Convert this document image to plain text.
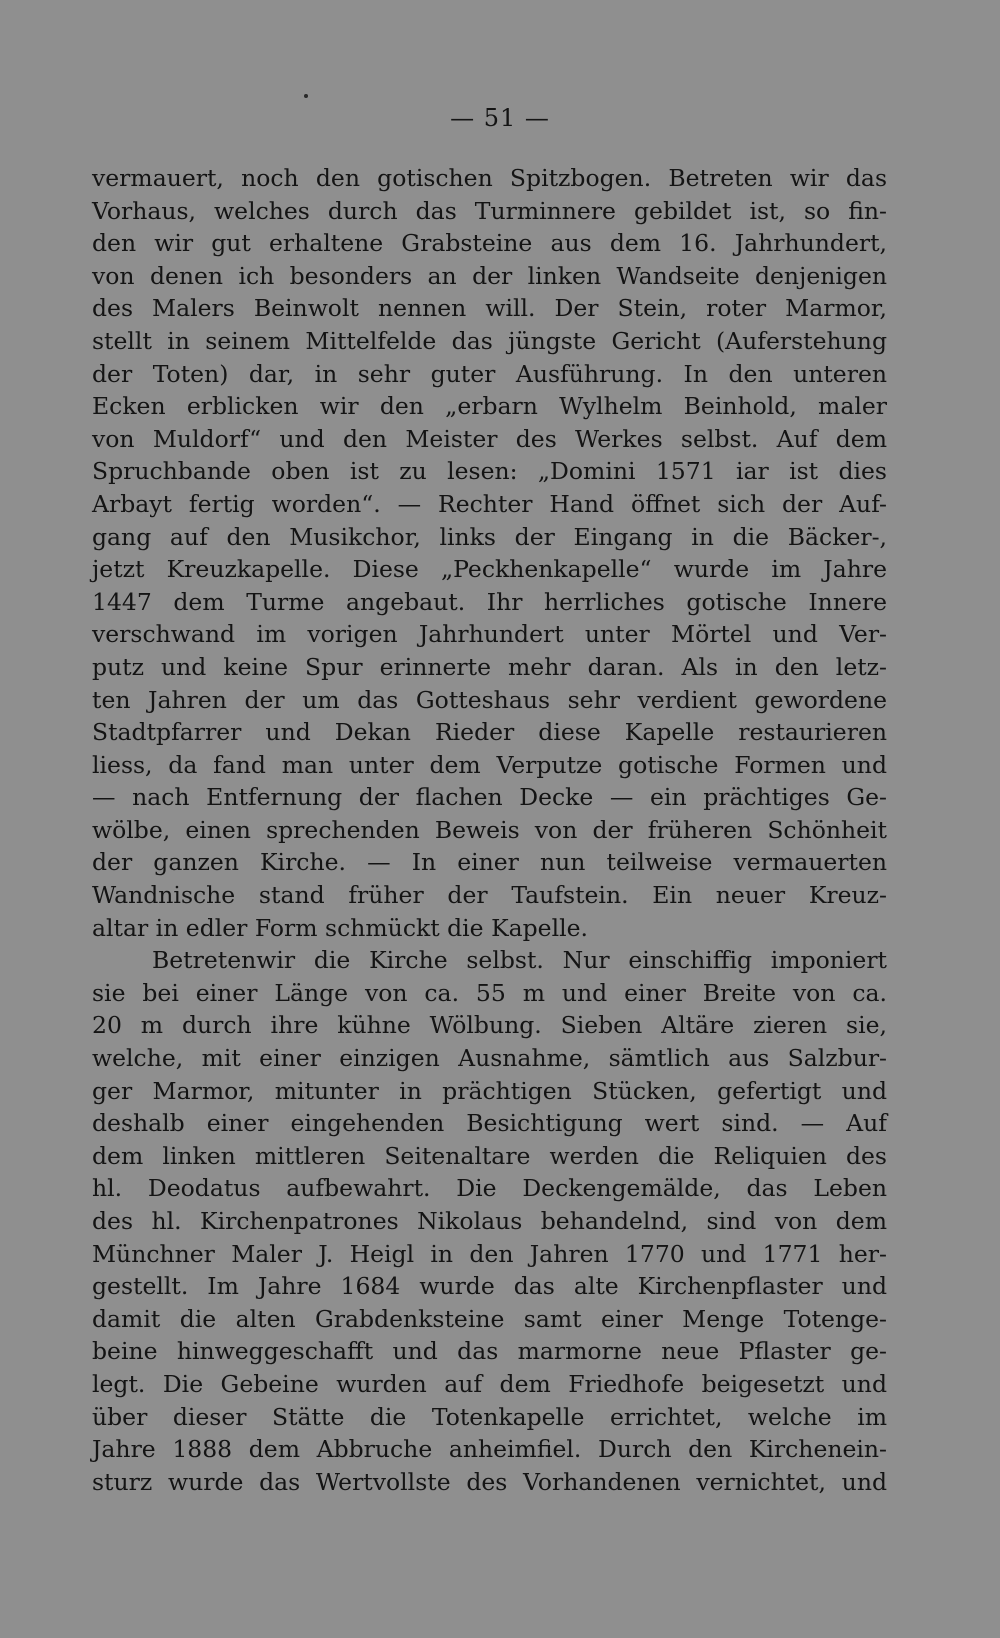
— 51 —
vermauert, noch den gotischen Spitzbogen. Betreten wir das
Vorhaus, welches durch das Turminnere gebildet ist, so fin-
den wir gut erhaltene Grabsteine aus dem 16. Jahrhundert,
von denen ich besonders an der linken Wandseite denjenigen
des Malers Beinwolt nennen will. Der Stein, roter Marmor,
stellt in seinem Mittelfelde das jüngste Gericht (Auferstehung
der Toten) dar, in sehr guter Ausführung. In den unteren
Ecken erblicken wir den „erbarn Wylhelm Beinhold, maler
von Muldorf“ und den Meister des Werkes selbst. Auf dem
Spruchbande oben ist zu lesen: „Domini 1571 iar ist dies
Arbayt fertig worden“. — Rechter Hand öffnet sich der Auf-
gang auf den Musikchor, links der Eingang in die Bäcker-,
jetzt Kreuzkapelle. Diese „Peckhenkapelle“ wurde im Jahre
1447 dem Turme angebaut. Ihr herrliches gotische Innere
verschwand im vorigen Jahrhundert unter Mörtel und Ver-
putz und keine Spur erinnerte mehr daran. Als in den letz-
ten Jahren der um das Gotteshaus sehr verdient gewordene
Stadtpfarrer und Dekan Rieder diese Kapelle restaurieren
liess, da fand man unter dem Verputze gotische Formen und
— nach Entfernung der flachen Decke — ein prächtiges Ge-
wölbe, einen sprechenden Beweis von der früheren Schönheit
der ganzen Kirche. — In einer nun teilweise vermauerten
Wandnische stand früher der Taufstein. Ein neuer Kreuz-
altar in edler Form schmückt die Kapelle.
Betretenwir die Kirche selbst. Nur einschiffig imponiert
sie bei einer Länge von ca. 55 m und einer Breite von ca.
20 m durch ihre kühne Wölbung. Sieben Altäre zieren sie,
welche, mit einer einzigen Ausnahme, sämtlich aus Salzbur-
ger Marmor, mitunter in prächtigen Stücken, gefertigt und
deshalb einer eingehenden Besichtigung wert sind. — Auf
dem linken mittleren Seitenaltare werden die Reliquien des
hl. Deodatus aufbewahrt. Die Deckengemälde, das Leben
des hl. Kirchenpatrones Nikolaus behandelnd, sind von dem
Münchner Maler J. Heigl in den Jahren 1770 und 1771 her-
gestellt. Im Jahre 1684 wurde das alte Kirchenpflaster und
damit die alten Grabdenksteine samt einer Menge Totenge-
beine hinweggeschafft und das marmorne neue Pflaster ge-
legt. Die Gebeine wurden auf dem Friedhofe beigesetzt und
über dieser Stätte die Totenkapelle errichtet, welche im
Jahre 1888 dem Abbruche anheimfiel. Durch den Kirchenein-
sturz wurde das Wertvollste des Vorhandenen vernichtet, und
